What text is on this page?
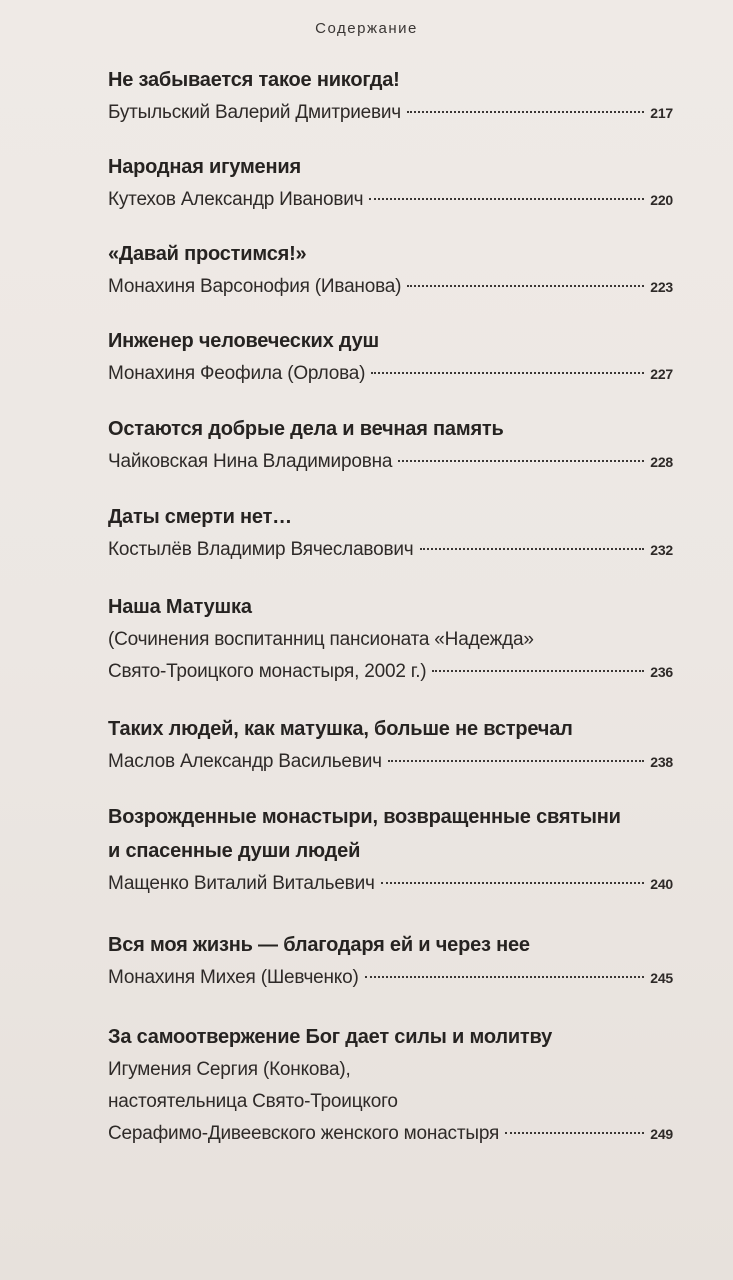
Содержание
Не забывается такое никогда!
Бутыльский Валерий Дмитриевич	217
Народная игумения
Кутехов Александр Иванович	220
«Давай простимся!»
Монахиня Варсонофия (Иванова)	223
Инженер человеческих душ
Монахиня Феофила (Орлова)	227
Остаются добрые дела и вечная память
Чайковская Нина Владимировна	228
Даты смерти нет…
Костылёв Владимир Вячеславович	232
Наша Матушка
(Сочинения воспитанниц пансионата «Надежда»
Свято-Троицкого монастыря, 2002 г.)	236
Таких людей, как матушка, больше не встречал
Маслов Александр Васильевич	238
Возрожденные монастыри, возвращенные святыни
и спасенные души людей
Мащенко Виталий Витальевич	240
Вся моя жизнь — благодаря ей и через нее
Монахиня Михея (Шевченко)	245
За самоотвержение Бог дает силы и молитву
Игумения Сергия (Конкова),
настоятельница Свято-Троицкого
Серафимо-Дивеевского женского монастыря	249
